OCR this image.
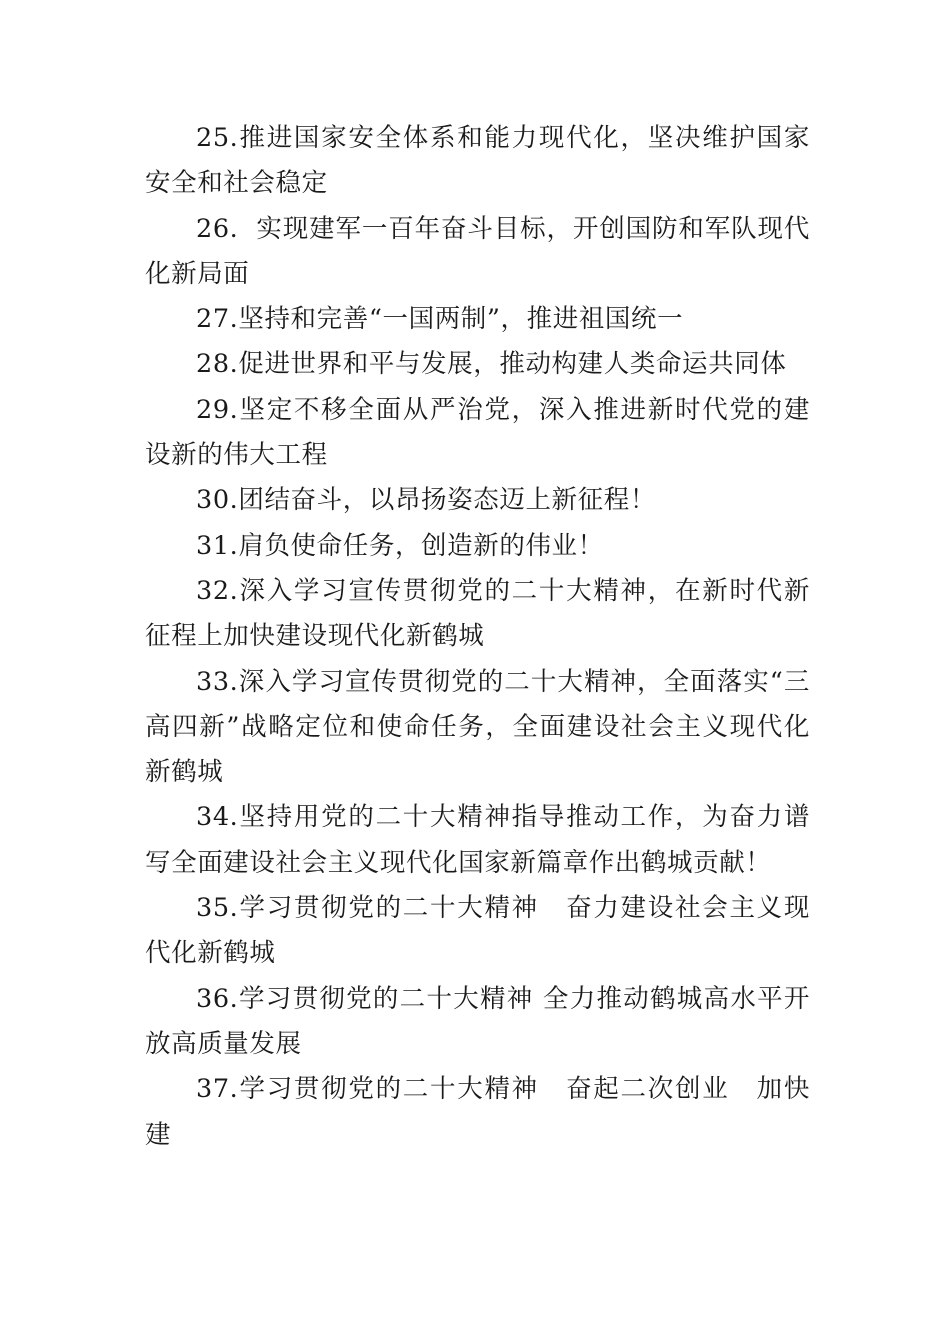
25.推进国家安全体系和能力现代化，坚决维护国家安全和社会稳定

26.  实现建军一百年奋斗目标，开创国防和军队现代化新局面

27.坚持和完善“一国两制”，推进祖国统一

28.促进世界和平与发展，推动构建人类命运共同体

29.坚定不移全面从严治党，深入推进新时代党的建设新的伟大工程

30.团结奋斗，以昂扬姿态迈上新征程！

31.肩负使命任务，创造新的伟业！

32.深入学习宣传贯彻党的二十大精神，在新时代新征程上加快建设现代化新鹤城

33.深入学习宣传贯彻党的二十大精神，全面落实“三高四新”战略定位和使命任务，全面建设社会主义现代化新鹤城

34.坚持用党的二十大精神指导推动工作，为奋力谱写全面建设社会主义现代化国家新篇章作出鹤城贡献！

35.学习贯彻党的二十大精神　奋力建设社会主义现代化新鹤城

36.学习贯彻党的二十大精神 全力推动鹤城高水平开放高质量发展

37.学习贯彻党的二十大精神　奋起二次创业　加快建
